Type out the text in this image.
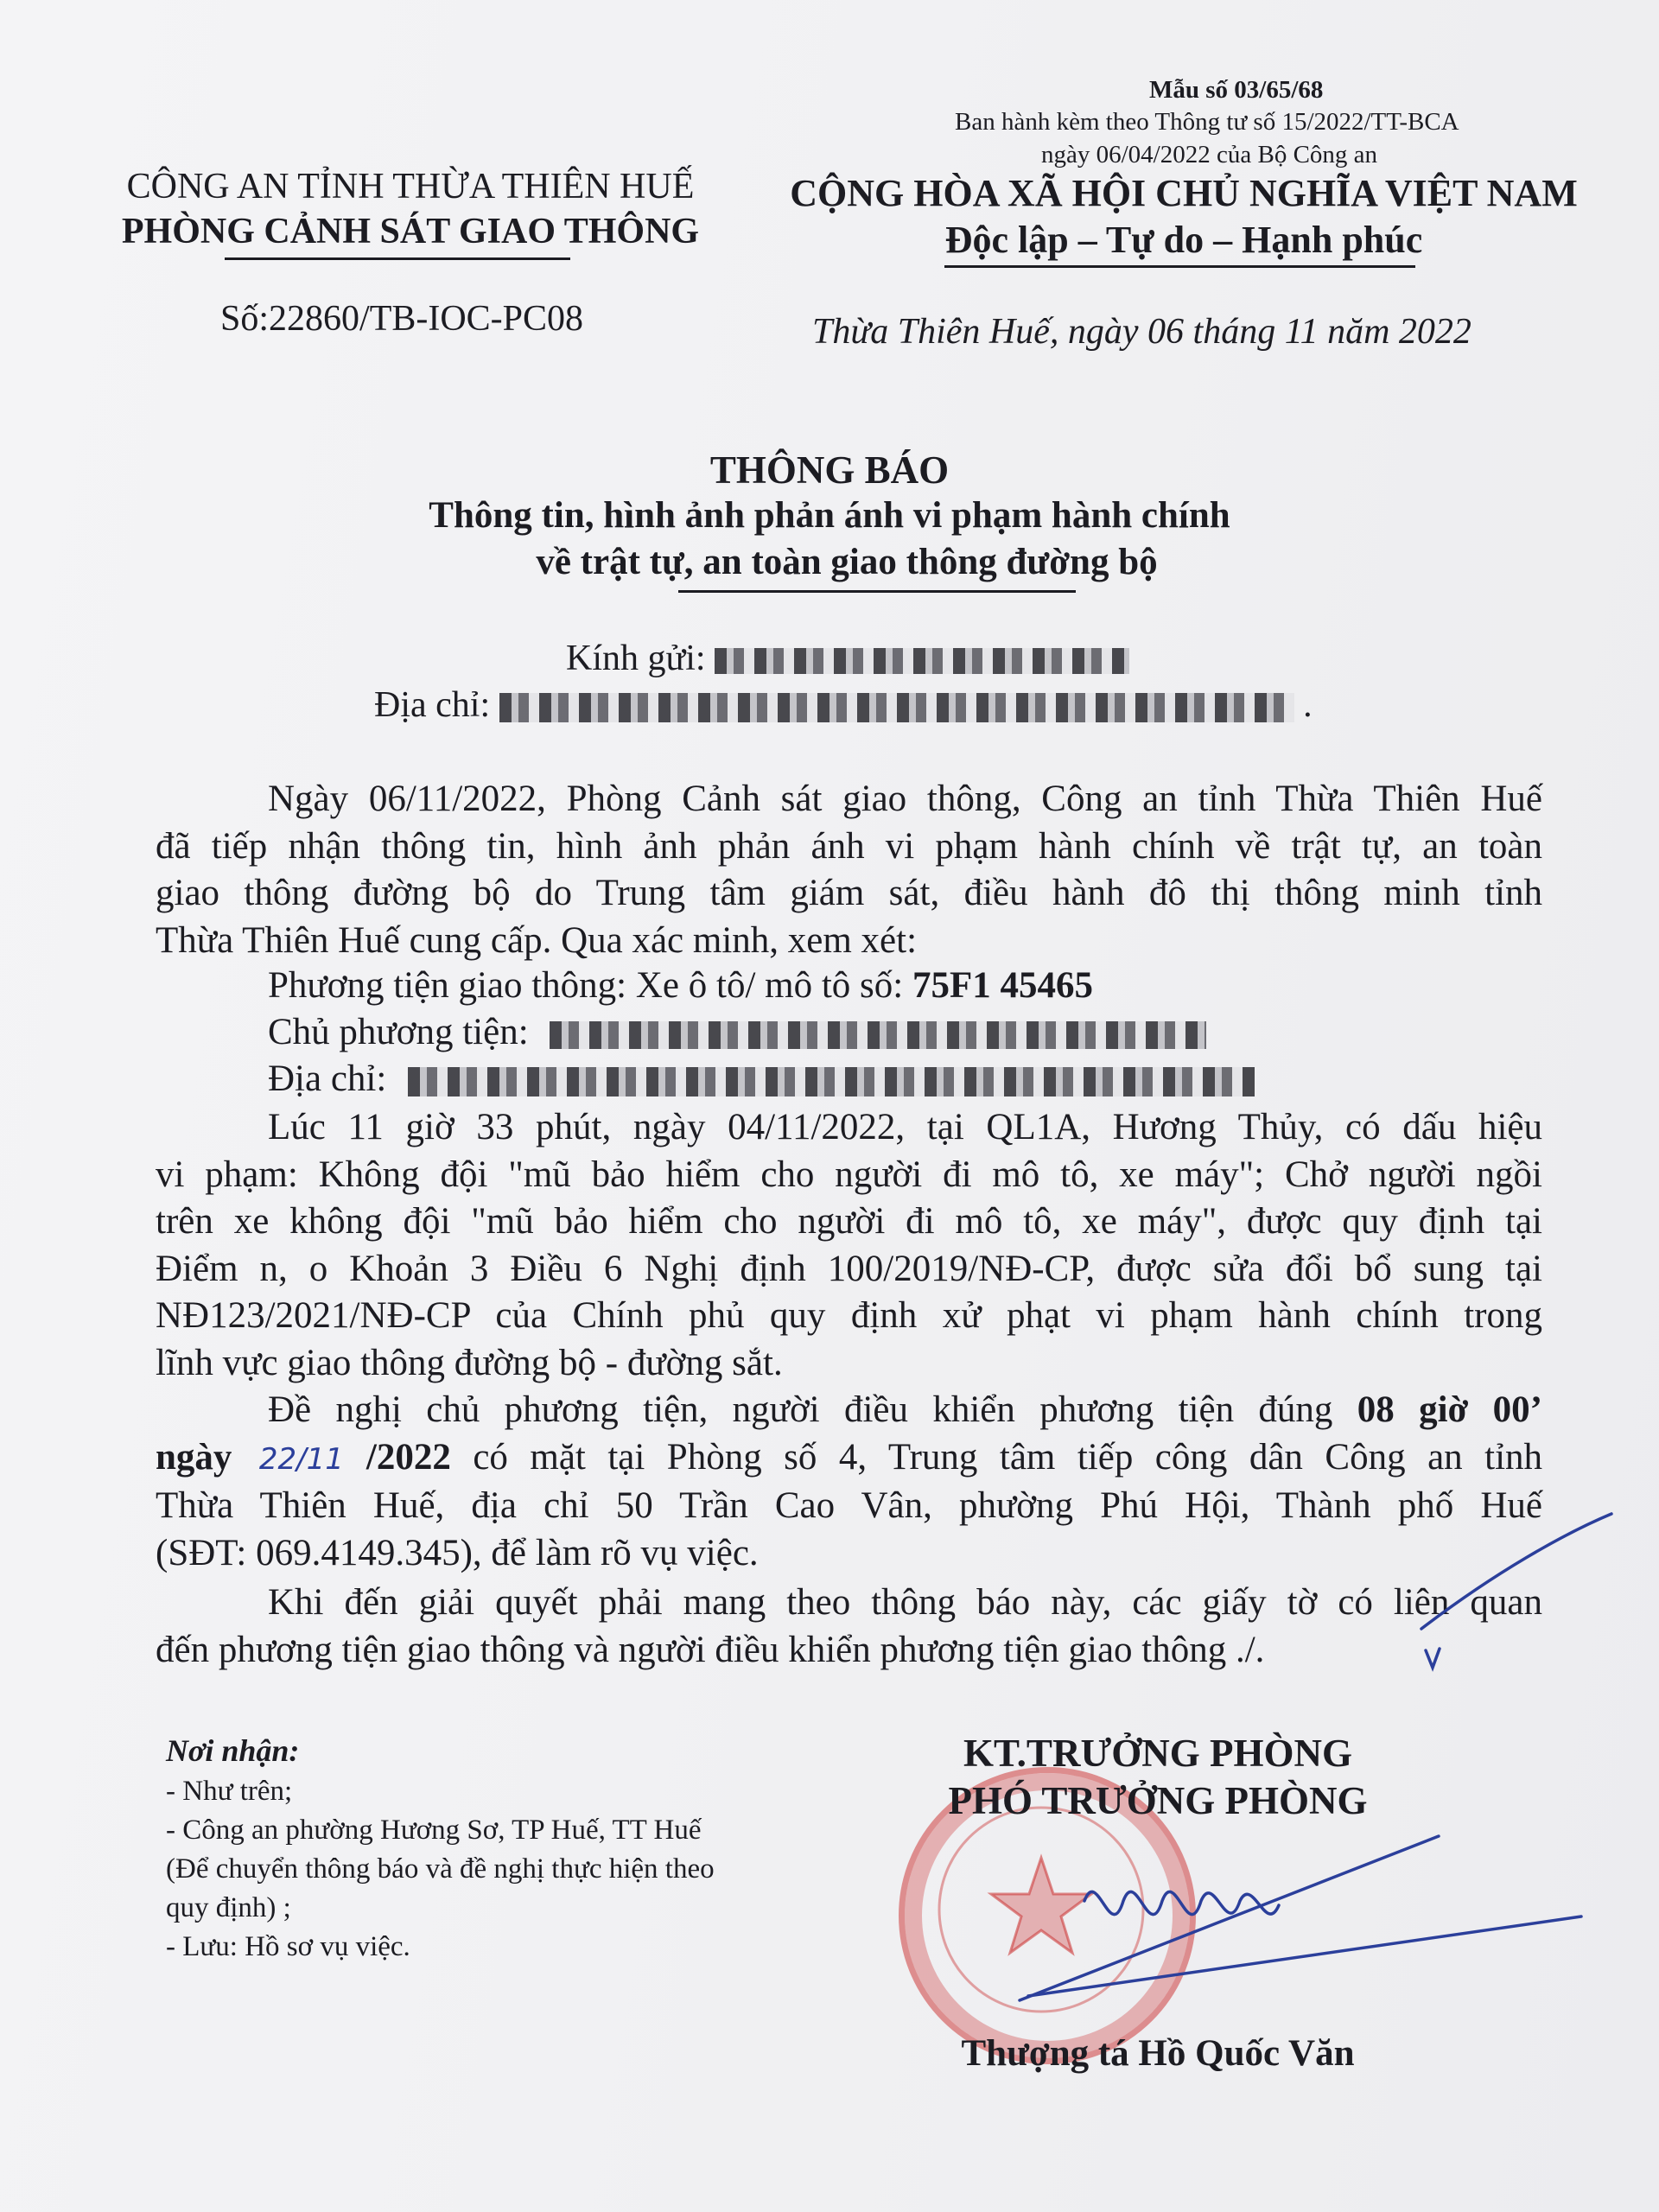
Mẫu số 03/65/68
Ban hành kèm theo Thông tư số 15/2022/TT-BCA
ngày 06/04/2022 của Bộ Công an
CÔNG AN TỈNH THỪA THIÊN HUẾ
PHÒNG CẢNH SÁT GIAO THÔNG
Số:22860/TB-IOC-PC08
CỘNG HÒA XÃ HỘI CHỦ NGHĨA VIỆT NAM
Độc lập – Tự do – Hạnh phúc
Thừa Thiên Huế, ngày 06 tháng 11 năm 2022
THÔNG BÁO
Thông tin, hình ảnh phản ánh vi phạm hành chính
về trật tự, an toàn giao thông đường bộ
Kính gửi:
Địa chỉ:	.
Ngày 06/11/2022, Phòng Cảnh sát giao thông, Công an tỉnh Thừa Thiên Huế
đã tiếp nhận thông tin, hình ảnh phản ánh vi phạm hành chính về trật tự, an toàn
giao thông đường bộ do Trung tâm giám sát, điều hành đô thị thông minh tỉnh
Thừa Thiên Huế cung cấp. Qua xác minh, xem xét:
Phương tiện giao thông: Xe ô tô/ mô tô số: 75F1 45465
Chủ phương tiện:
Địa chỉ:
Lúc 11 giờ 33 phút, ngày 04/11/2022, tại QL1A, Hương Thủy, có dấu hiệu
vi phạm: Không đội "mũ bảo hiểm cho người đi mô tô, xe máy"; Chở người ngồi
trên xe không đội "mũ bảo hiểm cho người đi mô tô, xe máy", được quy định tại
Điểm n, o Khoản 3 Điều 6 Nghị định 100/2019/NĐ-CP, được sửa đổi bổ sung tại
NĐ123/2021/NĐ-CP của Chính phủ quy định xử phạt vi phạm hành chính trong
lĩnh vực giao thông đường bộ - đường sắt.
Đề nghị chủ phương tiện, người điều khiển phương tiện đúng 08 giờ 00’
ngày 22/11 /2022 có mặt tại Phòng số 4, Trung tâm tiếp công dân Công an tỉnh
Thừa Thiên Huế, địa chỉ 50 Trần Cao Vân, phường Phú Hội, Thành phố Huế
(SĐT: 069.4149.345), để làm rõ vụ việc.
Khi đến giải quyết phải mang theo thông báo này, các giấy tờ có liên quan
đến phương tiện giao thông và người điều khiển phương tiện giao thông ./.
Nơi nhận:
- Như trên;
- Công an phường Hương Sơ, TP Huế, TT Huế
(Để chuyển thông báo và đề nghị thực hiện theo
quy định) ;
- Lưu: Hồ sơ vụ việc.
KT.TRƯỞNG PHÒNG
PHÓ TRƯỞNG PHÒNG
Thượng tá Hồ Quốc Văn
